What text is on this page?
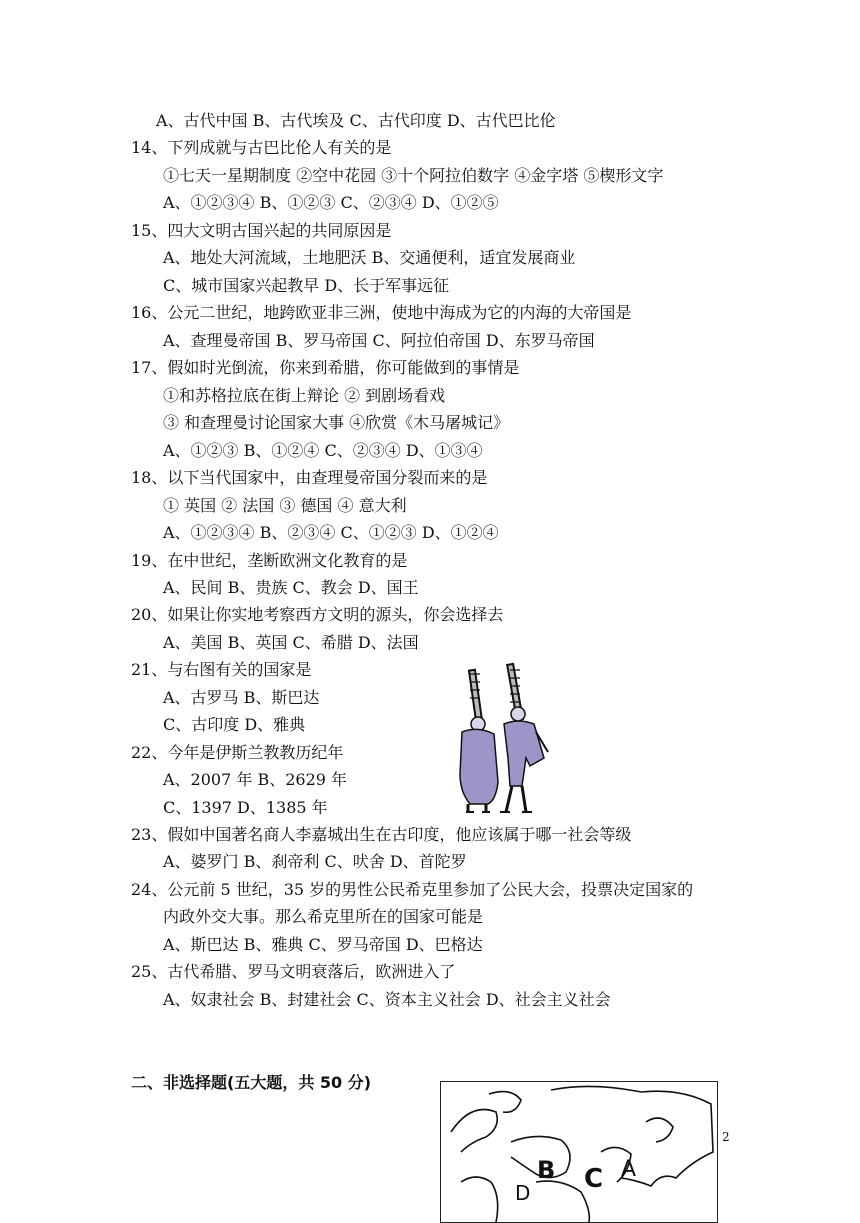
A、古代中国 B、古代埃及 C、古代印度 D、古代巴比伦
14、下列成就与古巴比伦人有关的是
①七天一星期制度 ②空中花园 ③十个阿拉伯数字 ④金字塔 ⑤楔形文字
A、①②③④ B、①②③ C、②③④ D、①②⑤
15、四大文明古国兴起的共同原因是
A、地处大河流域，土地肥沃 B、交通便利，适宜发展商业
C、城市国家兴起教早 D、长于军事远征
16、公元二世纪，地跨欧亚非三洲，使地中海成为它的内海的大帝国是
A、查理曼帝国 B、罗马帝国 C、阿拉伯帝国 D、东罗马帝国
17、假如时光倒流，你来到希腊，你可能做到的事情是
①和苏格拉底在街上辩论 ② 到剧场看戏
③ 和查理曼讨论国家大事 ④欣赏《木马屠城记》
A、①②③ B、①②④ C、②③④ D、①③④
18、以下当代国家中，由查理曼帝国分裂而来的是
① 英国 ② 法国 ③ 德国 ④ 意大利
A、①②③④ B、②③④ C、①②③ D、①②④
19、在中世纪，垄断欧洲文化教育的是
A、民间 B、贵族 C、教会 D、国王
20、如果让你实地考察西方文明的源头，你会选择去
A、美国 B、英国 C、希腊 D、法国
21、与右图有关的国家是
A、古罗马 B、斯巴达
C、古印度 D、雅典
22、今年是伊斯兰教教历纪年
A、2007 年 B、2629 年
C、1397 D、1385 年
23、假如中国著名商人李嘉城出生在古印度，他应该属于哪一社会等级
A、婆罗门 B、刹帝利 C、吠舍 D、首陀罗
24、公元前 5 世纪，35 岁的男性公民希克里参加了公民大会，投票决定国家的
内政外交大事。那么希克里所在的国家可能是
A、斯巴达 B、雅典 C、罗马帝国 D、巴格达
25、古代希腊、罗马文明衰落后，欧洲进入了
A、奴隶社会 B、封建社会 C、资本主义社会 D、社会主义社会
二、非选择题(五大题，共 50 分)
B C A
D
2
